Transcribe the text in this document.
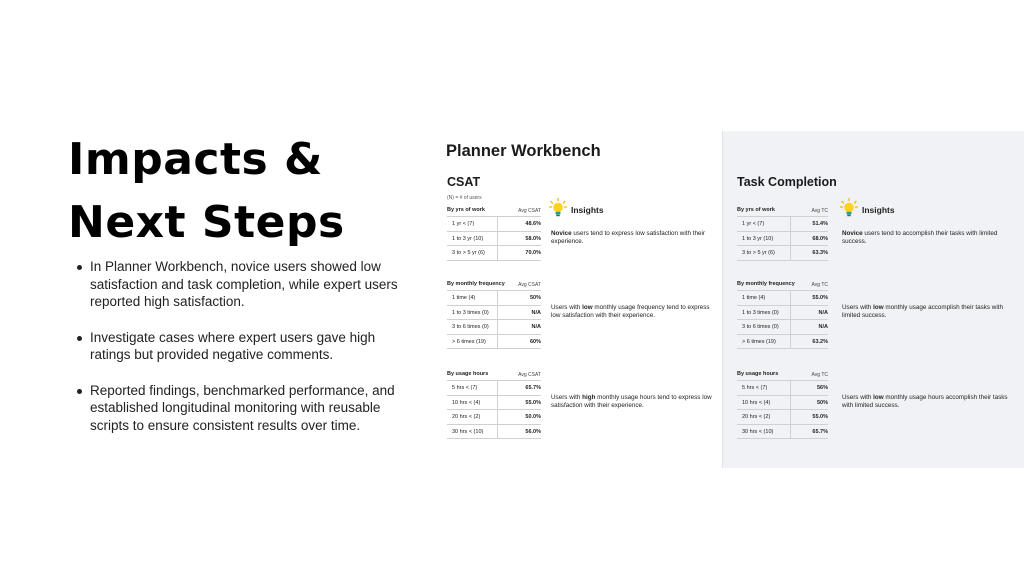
Impacts &
Next Steps
In Planner Workbench, novice users showed low satisfaction and task completion, while expert users reported high satisfaction.
Investigate cases where expert users gave high ratings but provided negative comments.
Reported findings, benchmarked performance, and established longitudinal monitoring with reusable scripts to ensure consistent results over time.
Planner Workbench
CSAT	Task Completion
(N) = # of users
By yrs of work	Avg CSAT
1 yr < (7)	48.6%
1 to 3 yr (10)	58.0%
3 to > 5 yr (6)	70.0%
Insights
Novice users tend to express low satisfaction with their experience.
By monthly frequency	Avg CSAT
1 time (4)	50%
1 to 3 times (0)	N/A
3 to 6 times (0)	N/A
> 6 times (19)	60%
Users with low monthly usage frequency tend to express low satisfaction with their experience.
By usage hours	Avg CSAT
5 hrs < (7)	65.7%
10 hrs < (4)	55.0%
20 hrs < (2)	50.0%
30 hrs < (10)	56.0%
Users with high monthly usage hours tend to express low satisfaction with their experience.
By yrs of work	Avg TC
1 yr < (7)	51.4%
1 to 3 yr (10)	68.0%
3 to > 5 yr (6)	63.3%
Insights
Novice users tend to accomplish their tasks with limited success.
By monthly frequency	Avg TC
1 time (4)	55.0%
1 to 3 times (0)	N/A
3 to 6 times (0)	N/A
> 6 times (19)	63.2%
Users with low monthly usage accomplish their tasks with limited success.
By usage hours	Avg TC
5 hrs < (7)	56%
10 hrs < (4)	50%
20 hrs < (2)	55.0%
30 hrs < (10)	65.7%
Users with low monthly usage hours accomplish their tasks with limited success.
